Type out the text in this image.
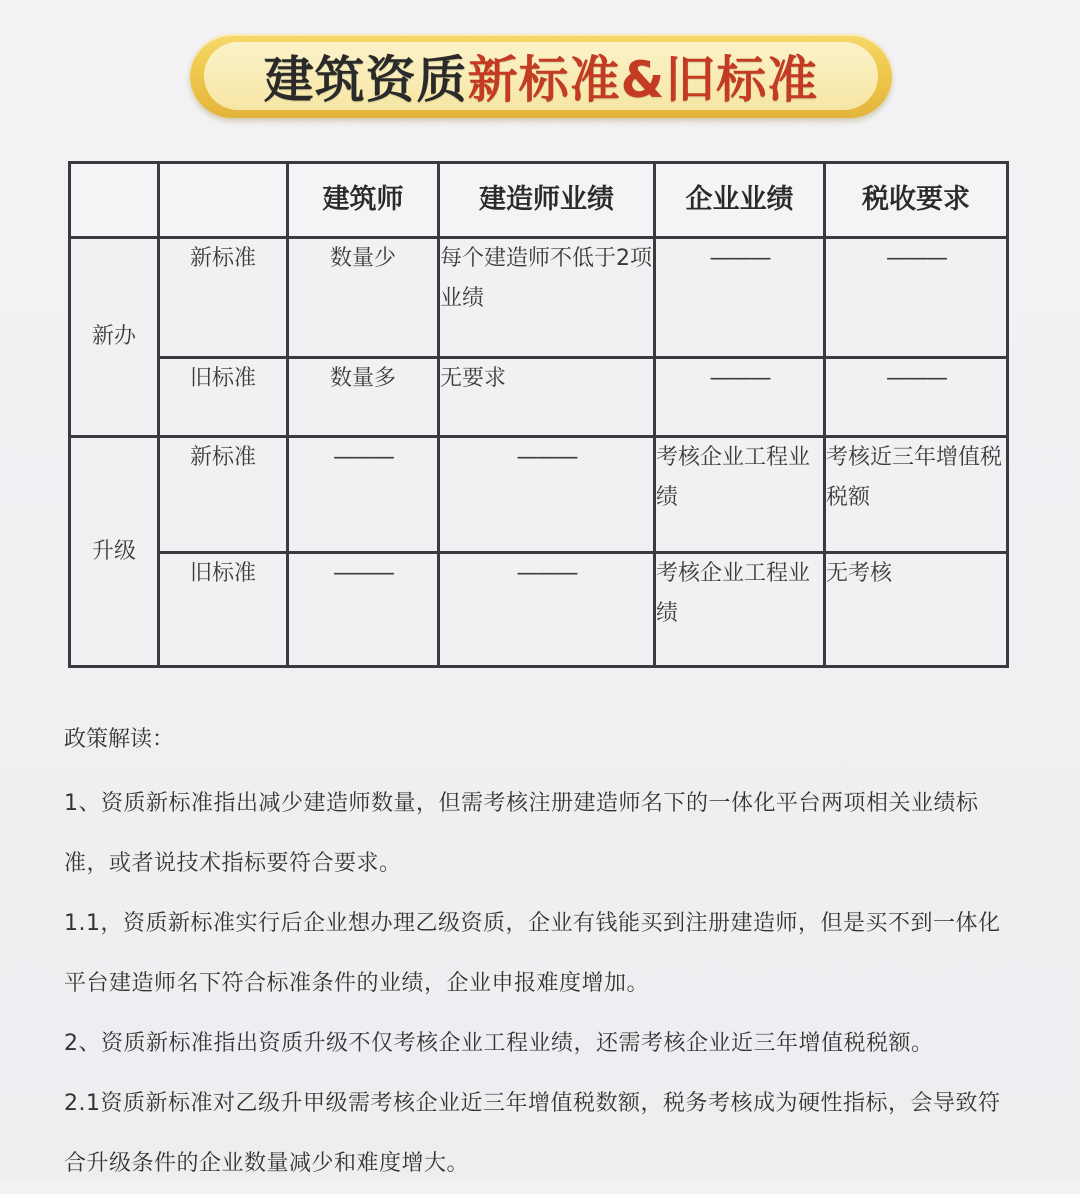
建筑资质新标准&旧标准
		建筑师	建造师业绩	企业业绩	税收要求
新办	新标准	数量少	每个建造师不低于2项业绩	———	———
	旧标准	数量多	无要求	———	———
升级	新标准	———	———	考核企业工程业绩	考核近三年增值税税额
	旧标准	———	———	考核企业工程业绩	无考核
政策解读：

1、资质新标准指出减少建造师数量，但需考核注册建造师名下的一体化平台两项相关业绩标准，或者说技术指标要符合要求。

1.1，资质新标准实行后企业想办理乙级资质，企业有钱能买到注册建造师，但是买不到一体化平台建造师名下符合标准条件的业绩，企业申报难度增加。

2、资质新标准指出资质升级不仅考核企业工程业绩，还需考核企业近三年增值税税额。

2.1资质新标准对乙级升甲级需考核企业近三年增值税数额，税务考核成为硬性指标，会导致符合升级条件的企业数量减少和难度增大。
